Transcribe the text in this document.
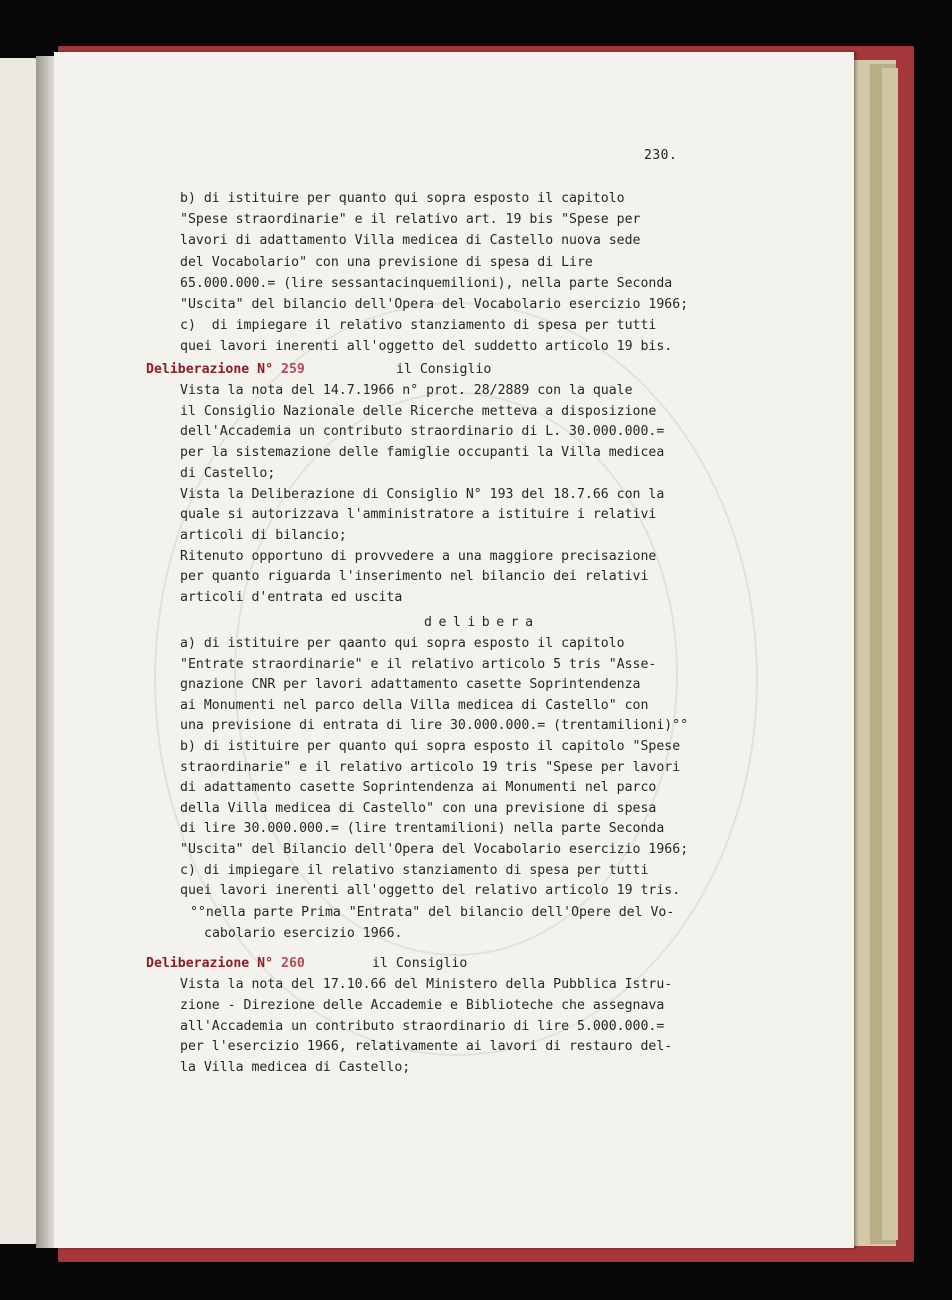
230.
b) di istituire per quanto qui sopra esposto il capitolo
"Spese straordinarie" e il relativo art. 19 bis "Spese per
lavori di adattamento Villa medicea di Castello nuova sede
del Vocabolario" con una previsione di spesa di Lire
65.000.000.= (lire sessantacinquemilioni), nella parte Seconda
"Uscita" del bilancio dell'Opera del Vocabolario esercizio 1966;
c)  di impiegare il relativo stanziamento di spesa per tutti
quei lavori inerenti all'oggetto del suddetto articolo 19 bis.
Deliberazione N° 259	il Consiglio
Vista la nota del 14.7.1966 n° prot. 28/2889 con la quale
il Consiglio Nazionale delle Ricerche metteva a disposizione
dell'Accademia un contributo straordinario di L. 30.000.000.=
per la sistemazione delle famiglie occupanti la Villa medicea
di Castello;
Vista la Deliberazione di Consiglio N° 193 del 18.7.66 con la
quale si autorizzava l'amministratore a istituire i relativi
articoli di bilancio;
Ritenuto opportuno di provvedere a una maggiore precisazione
per quanto riguarda l'inserimento nel bilancio dei relativi
articoli d'entrata ed uscita
delibera
a) di istituire per qaanto qui sopra esposto il capitolo
"Entrate straordinarie" e il relativo articolo 5 tris "Asse-
gnazione CNR per lavori adattamento casette Soprintendenza
ai Monumenti nel parco della Villa medicea di Castello" con
una previsione di entrata di lire 30.000.000.= (trentamilioni)°°
b) di istituire per quanto qui sopra esposto il capitolo "Spese
straordinarie" e il relativo articolo 19 tris "Spese per lavori
di adattamento casette Soprintendenza ai Monumenti nel parco
della Villa medicea di Castello" con una previsione di spesa
di lire 30.000.000.= (lire trentamilioni) nella parte Seconda
"Uscita" del Bilancio dell'Opera del Vocabolario esercizio 1966;
c) di impiegare il relativo stanziamento di spesa per tutti
quei lavori inerenti all'oggetto del relativo articolo 19 tris.
°°nella parte Prima "Entrata" del bilancio dell'Opere del Vo-
cabolario esercizio 1966.
Deliberazione N° 260	il Consiglio
Vista la nota del 17.10.66 del Ministero della Pubblica Istru-
zione - Direzione delle Accademie e Biblioteche che assegnava
all'Accademia un contributo straordinario di lire 5.000.000.=
per l'esercizio 1966, relativamente ai lavori di restauro del-
la Villa medicea di Castello;
